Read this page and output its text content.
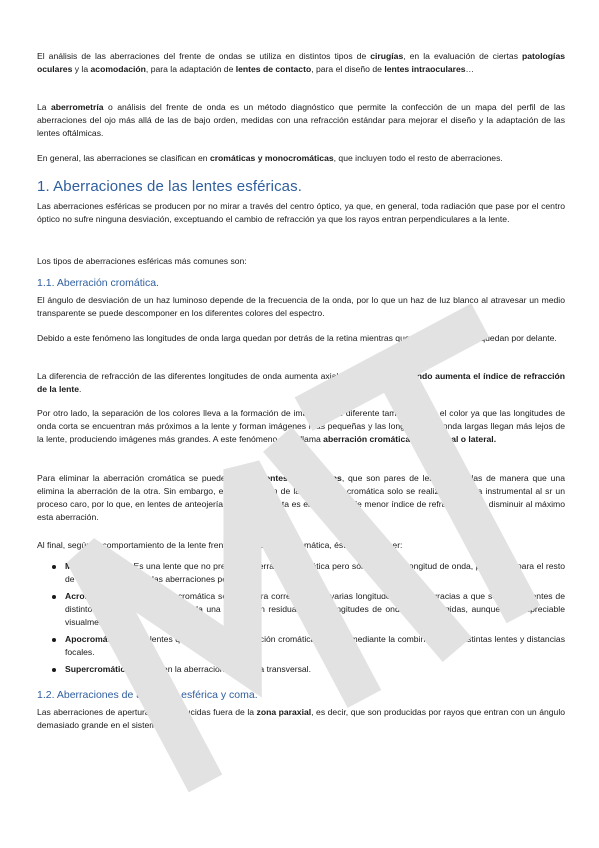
El análisis de las aberraciones del frente de ondas se utiliza en distintos tipos de cirugías, en la evaluación de ciertas patologías oculares y la acomodación, para la adaptación de lentes de contacto, para el diseño de lentes intraoculares…

La aberrometría o análisis del frente de onda es un método diagnóstico que permite la confección de un mapa del perfil de las aberraciones del ojo más allá de las de bajo orden, medidas con una refracción estándar para mejorar el diseño y la adaptación de las lentes oftálmicas.

En general, las aberraciones se clasifican en cromáticas y monocromáticas, que incluyen todo el resto de aberraciones.

1. Aberraciones de las lentes esféricas.

Las aberraciones esféricas se producen por no mirar a través del centro óptico, ya que, en general, toda radiación que pase por el centro óptico no sufre ninguna desviación, exceptuando el cambio de refracción ya que los rayos entran perpendiculares a la lente.

Los tipos de aberraciones esféricas más comunes son:

1.1. Aberración cromática.

El ángulo de desviación de un haz luminoso depende de la frecuencia de la onda, por lo que un haz de luz blanco al atravesar un medio transparente se puede descomponer en los diferentes colores del espectro.

Debido a este fenómeno las longitudes de onda larga quedan por detrás de la retina mientras que los de onda corta quedan por delante.

La diferencia de refracción de las diferentes longitudes de onda aumenta axial y verticalmente cuando aumenta el índice de refracción de la lente.

Por otro lado, la separación de los colores lleva a la formación de imágenes de diferente tamaño según el color ya que las longitudes de onda corta se encuentran más próximos a la lente y forman imágenes más pequeñas y las longitudes de onda largas llegan más lejos de la lente, produciendo imágenes más grandes. A este fenómeno se le llama aberración cromática transversal o lateral.

Para eliminar la aberración cromática se pueden utilizar lentes acromáticas, que son pares de lentes pegadas de manera que una elimina la aberración de la otra. Sin embargo, esta corrección de la aberración cromática solo se realiza en óptica instrumental al sr un proceso caro, por lo que, en lentes de anteojería lo que se intenta es elegir lentes de menor índice de refracción para disminuir al máximo esta aberración.

Al final, según el comportamiento de la lente frente a la aberración cromática, éstas pueden ser:

Monocromática. Es una lente que no presenta aberración cromática pero sólo para una longitud de onda, por lo que para el resto de longitudes de onda las aberraciones persisten.
Acromáticas. La aberración cromática se encuentra corregida para varias longitudes de onda gracias a que se utilizan lentes de distinto índice, sin embargo, queda una aberración residual de las longitudes de ondas no corregidas, aunque es despreciable visualmente.
Apocromáticas. Son lentes que corrigen la aberración cromática residual mediante la combinación de distintas lentes y distancias focales.
Supercromáticas. Corrigen la aberración cromática transversal.
1.2. Aberraciones de apertura: esférica y coma.

Las aberraciones de apertura son producidas fuera de la zona paraxial, es decir, que son producidas por rayos que entran con un ángulo demasiado grande en el sistema óptico.
